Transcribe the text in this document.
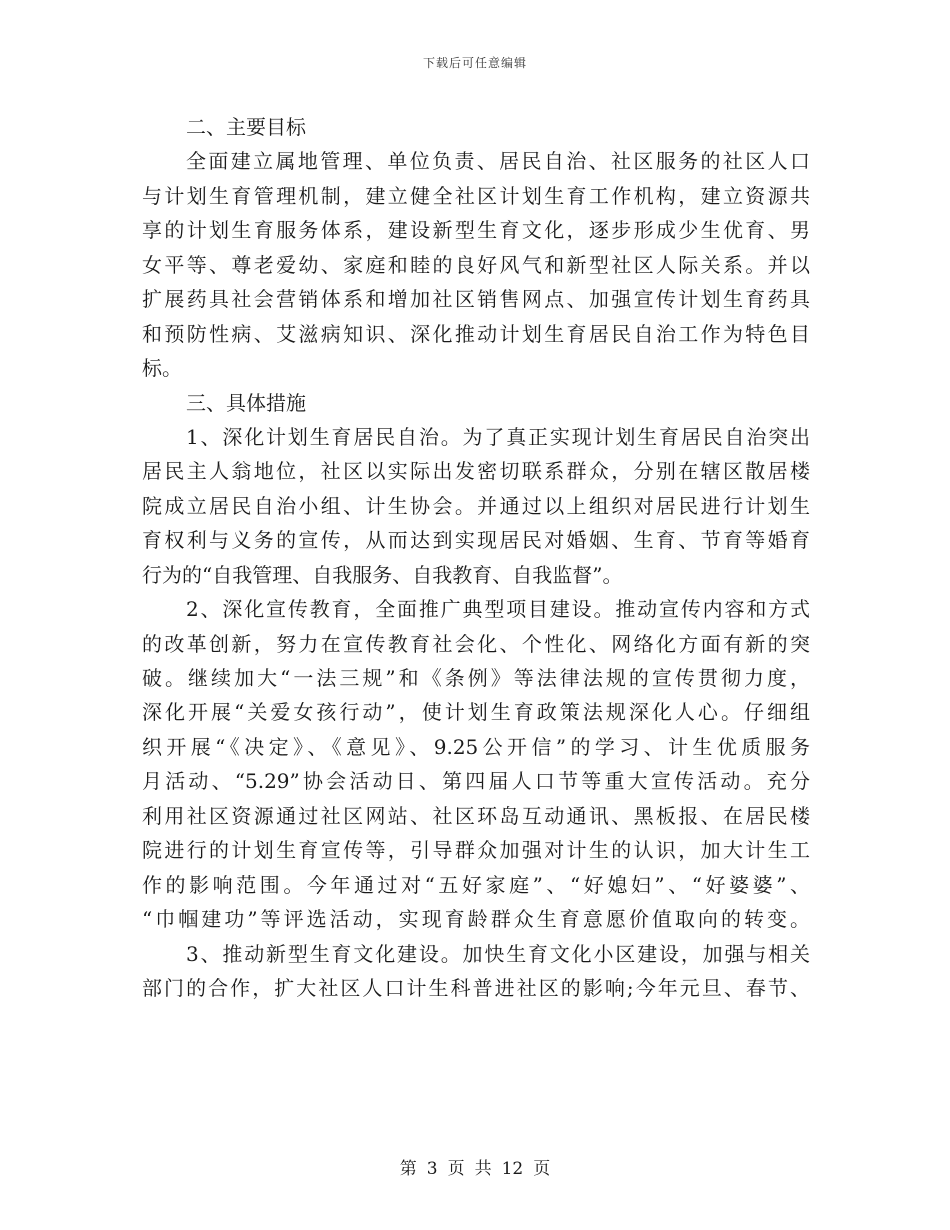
下载后可任意编辑
二、主要目标
全面建立属地管理、单位负责、居民自治、社区服务的社区人口
与计划生育管理机制，建立健全社区计划生育工作机构，建立资源共
享的计划生育服务体系，建设新型生育文化，逐步形成少生优育、男
女平等、尊老爱幼、家庭和睦的良好风气和新型社区人际关系。并以
扩展药具社会营销体系和增加社区销售网点、加强宣传计划生育药具
和预防性病、艾滋病知识、深化推动计划生育居民自治工作为特色目
标。
三、具体措施
1、深化计划生育居民自治。为了真正实现计划生育居民自治突出
居民主人翁地位，社区以实际出发密切联系群众，分别在辖区散居楼
院成立居民自治小组、计生协会。并通过以上组织对居民进行计划生
育权利与义务的宣传，从而达到实现居民对婚姻、生育、节育等婚育
行为的“自我管理、自我服务、自我教育、自我监督”。
2、深化宣传教育，全面推广典型项目建设。推动宣传内容和方式
的改革创新，努力在宣传教育社会化、个性化、网络化方面有新的突
破。继续加大“一法三规”和《条例》等法律法规的宣传贯彻力度，
深化开展“关爱女孩行动”，使计划生育政策法规深化人心。仔细组
织开展“《决定》、《意见》、9.25公开信”的学习、计生优质服务
月活动、“5.29”协会活动日、第四届人口节等重大宣传活动。充分
利用社区资源通过社区网站、社区环岛互动通讯、黑板报、在居民楼
院进行的计划生育宣传等，引导群众加强对计生的认识，加大计生工
作的影响范围。今年通过对“五好家庭”、“好媳妇”、“好婆婆”、
“巾帼建功”等评选活动，实现育龄群众生育意愿价值取向的转变。
3、推动新型生育文化建设。加快生育文化小区建设，加强与相关
部门的合作，扩大社区人口计生科普进社区的影响;今年元旦、春节、
第 3 页 共 12 页
